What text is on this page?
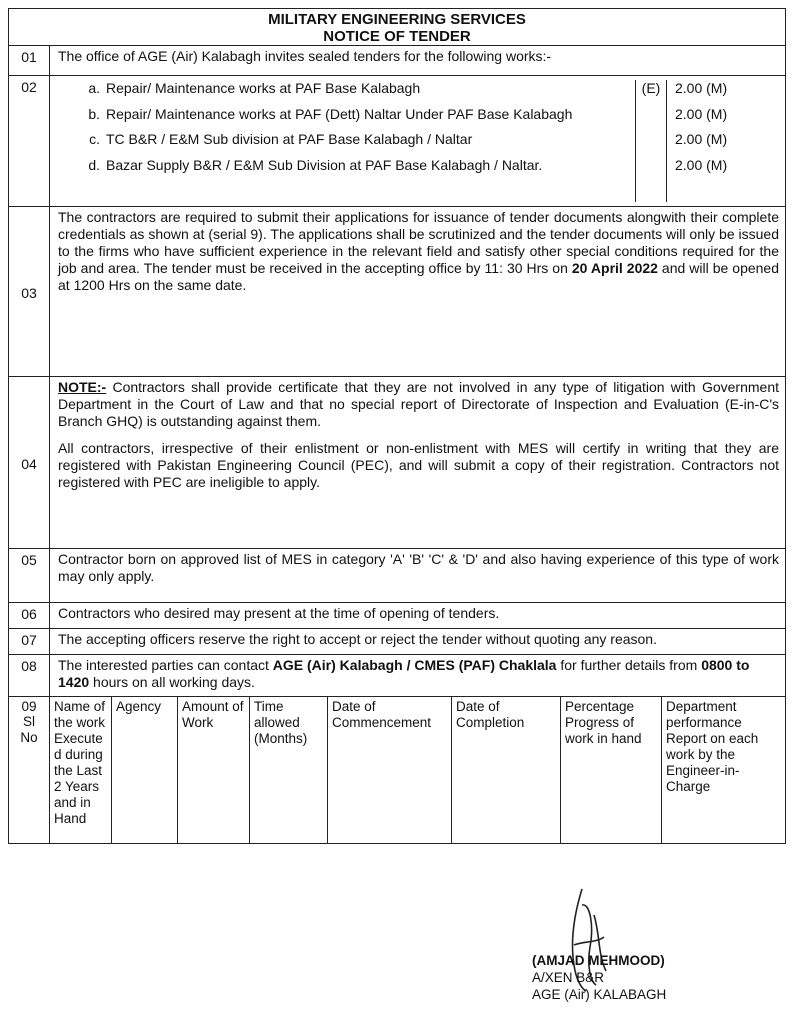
MILITARY ENGINEERING SERVICES
NOTICE OF TENDER
01	The office of AGE (Air) Kalabagh invites sealed tenders for the following works:-
02		a.	Repair/ Maintenance works at PAF Base Kalabagh	(E)	2.00 (M)
b.	Repair/ Maintenance works at PAF (Dett) Naltar Under PAF Base Kalabagh	2.00 (M)
c.	TC B&R / E&M Sub division at PAF Base Kalabagh / Naltar	2.00 (M)
d.	Bazar Supply B&R / E&M Sub Division at PAF Base Kalabagh / Naltar.	2.00 (M)

03	The contractors are required to submit their applications for issuance of tender documents alongwith their complete credentials as shown at (serial 9). The applications shall be scrutinized and the tender documents will only be issued to the firms who have sufficient experience in the relevant field and satisfy other special conditions required for the job and area. The tender must be received in the accepting office by 11: 30 Hrs on 20 April 2022 and will be opened at 1200 Hrs on the same date.
04	
NOTE:- Contractors shall provide certificate that they are not involved in any type of litigation with Government Department in the Court of Law and that no special report of Directorate of Inspection and Evaluation (E-in-C's Branch GHQ) is outstanding against them.
All contractors, irrespective of their enlistment or non-enlistment with MES will certify in writing that they are registered with Pakistan Engineering Council (PEC), and will submit a copy of their registration. Contractors not registered with PEC are ineligible to apply.

05	Contractor born on approved list of MES in category 'A' 'B' 'C' & 'D' and also having experience of this type of work may only apply.
06	Contractors who desired may present at the time of opening of tenders.
07	The accepting officers reserve the right to accept or reject the tender without quoting any reason.
08	The interested parties can contact AGE (Air) Kalabagh / CMES (PAF) Chaklala for further details from 0800 to 1420 hours on all working days.

09
Sl No

Name of the work Execute d during the Last 2 Years and in Hand	Agency	Amount of Work	Time allowed (Months)	Date of Commencement	Date of Completion	Percentage Progress of work in hand	Department performance Report on each work by the Engineer-in-Charge
(AMJAD MEHMOOD)
A/XEN B&R
AGE (Air) KALABAGH
